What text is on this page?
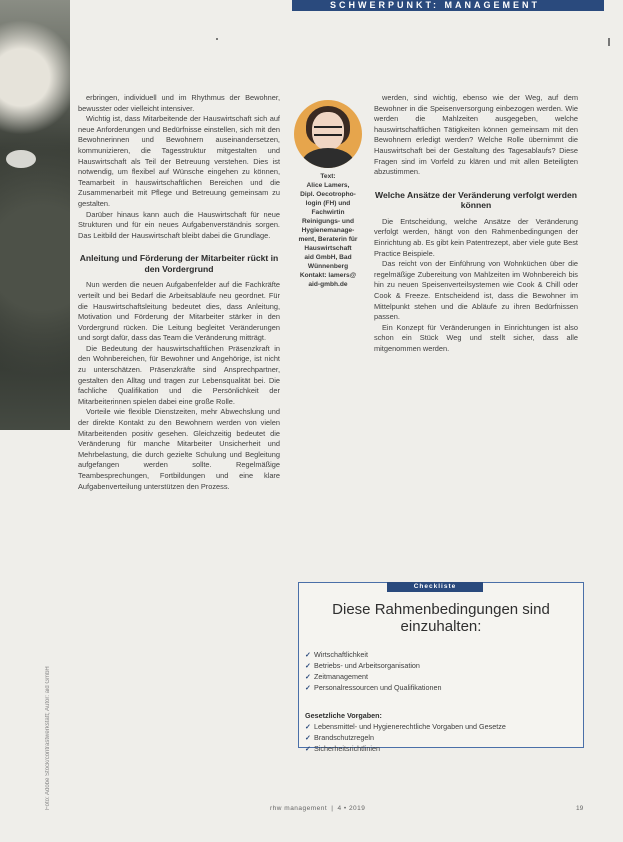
SCHWERPUNKT: MANAGEMENT
Foto: Adobe Stock/contrastwerkstatt; Autor: aid GmbH

erbringen, individuell und im Rhythmus der Bewohner, bewusster oder vielleicht intensiver.

Wichtig ist, dass Mitarbeitende der Hauswirtschaft sich auf neue Anforderungen und Bedürfnisse einstellen, sich mit den Bewohnerinnen und Bewohnern auseinandersetzen, kommunizieren, die Tagesstruktur mitgestalten und Hauswirtschaft als Teil der Betreuung verstehen. Dies ist notwendig, um flexibel auf Wünsche eingehen zu können, Teamarbeit in hauswirtschaftlichen Bereichen und die Zusammenarbeit mit Pflege und Betreuung gemeinsam zu gestalten.

Darüber hinaus kann auch die Hauswirtschaft für neue Strukturen und für ein neues Aufgabenverständnis sorgen. Das Leitbild der Hauswirtschaft bleibt dabei die Grundlage.

Anleitung und Förderung der Mitarbeiter rückt in den Vordergrund

Nun werden die neuen Aufgabenfelder auf die Fachkräfte verteilt und bei Bedarf die Arbeitsabläufe neu geordnet. Für die Hauswirtschaftsleitung bedeutet dies, dass Anleitung, Motivation und Förderung der Mitarbeiter stärker in den Vordergrund rücken. Die Leitung begleitet Veränderungen und sorgt dafür, dass das Team die Veränderung mitträgt.

Die Bedeutung der hauswirtschaftlichen Präsenzkraft in den Wohnbereichen, für Bewohner und Angehörige, ist nicht zu unterschätzen. Präsenzkräfte sind Ansprechpartner, gestalten den Alltag und tragen zur Lebensqualität bei. Die fachliche Qualifikation und die Persönlichkeit der Mitarbeiterinnen spielen dabei eine große Rolle.

Vorteile wie flexible Dienstzeiten, mehr Abwechslung und der direkte Kontakt zu den Bewohnern werden von vielen Mitarbeitenden positiv gesehen. Gleichzeitig bedeutet die Veränderung für manche Mitarbeiter Unsicherheit und Mehrbelastung, die durch gezielte Schulung und Begleitung aufgefangen werden sollte. Regelmäßige Teambesprechungen, Fortbildungen und eine klare Aufgabenverteilung unterstützen den Prozess.

Text:
Alice Lamers,
Dipl. Oecotropho-
login (FH) und
Fachwirtin
Reinigungs- und
Hygienemanage-
ment, Beraterin für
Hauswirtschaft
aid GmbH, Bad
Wünnenberg
Kontakt: lamers@
aid-gmbh.de

werden, sind wichtig, ebenso wie der Weg, auf dem Bewohner in die Speisenversorgung einbezogen werden. Wie werden die Mahlzeiten ausgegeben, welche hauswirtschaftlichen Tätigkeiten können gemeinsam mit den Bewohnern erledigt werden? Welche Rolle übernimmt die Hauswirtschaft bei der Gestaltung des Tagesablaufs? Diese Fragen sind im Vorfeld zu klären und mit allen Beteiligten abzustimmen.

Welche Ansätze der Veränderung verfolgt werden können

Die Entscheidung, welche Ansätze der Veränderung verfolgt werden, hängt von den Rahmenbedingungen der Einrichtung ab. Es gibt kein Patentrezept, aber viele gute Best Practice Beispiele.

Das reicht von der Einführung von Wohnküchen über die regelmäßige Zubereitung von Mahlzeiten im Wohnbereich bis hin zu neuen Speisenverteilsystemen wie Cook & Chill oder Cook & Freeze. Entscheidend ist, dass die Bewohner im Mittelpunkt stehen und die Abläufe zu ihren Bedürfnissen passen.

Ein Konzept für Veränderungen in Einrichtungen ist also schon ein Stück Weg und stellt sicher, dass alle mitgenommen werden.

Checkliste
Diese Rahmenbedingungen sind einzuhalten:
✓ Wirtschaftlichkeit
✓ Betriebs- und Arbeitsorganisation
✓ Zeitmanagement
✓ Personalressourcen und Qualifikationen
Gesetzliche Vorgaben:
✓ Lebensmittel- und Hygienerechtliche Vorgaben und Gesetze
✓ Brandschutzregeln
✓ Sicherheitsrichtlinien
rhw management | 4 • 2019	19
